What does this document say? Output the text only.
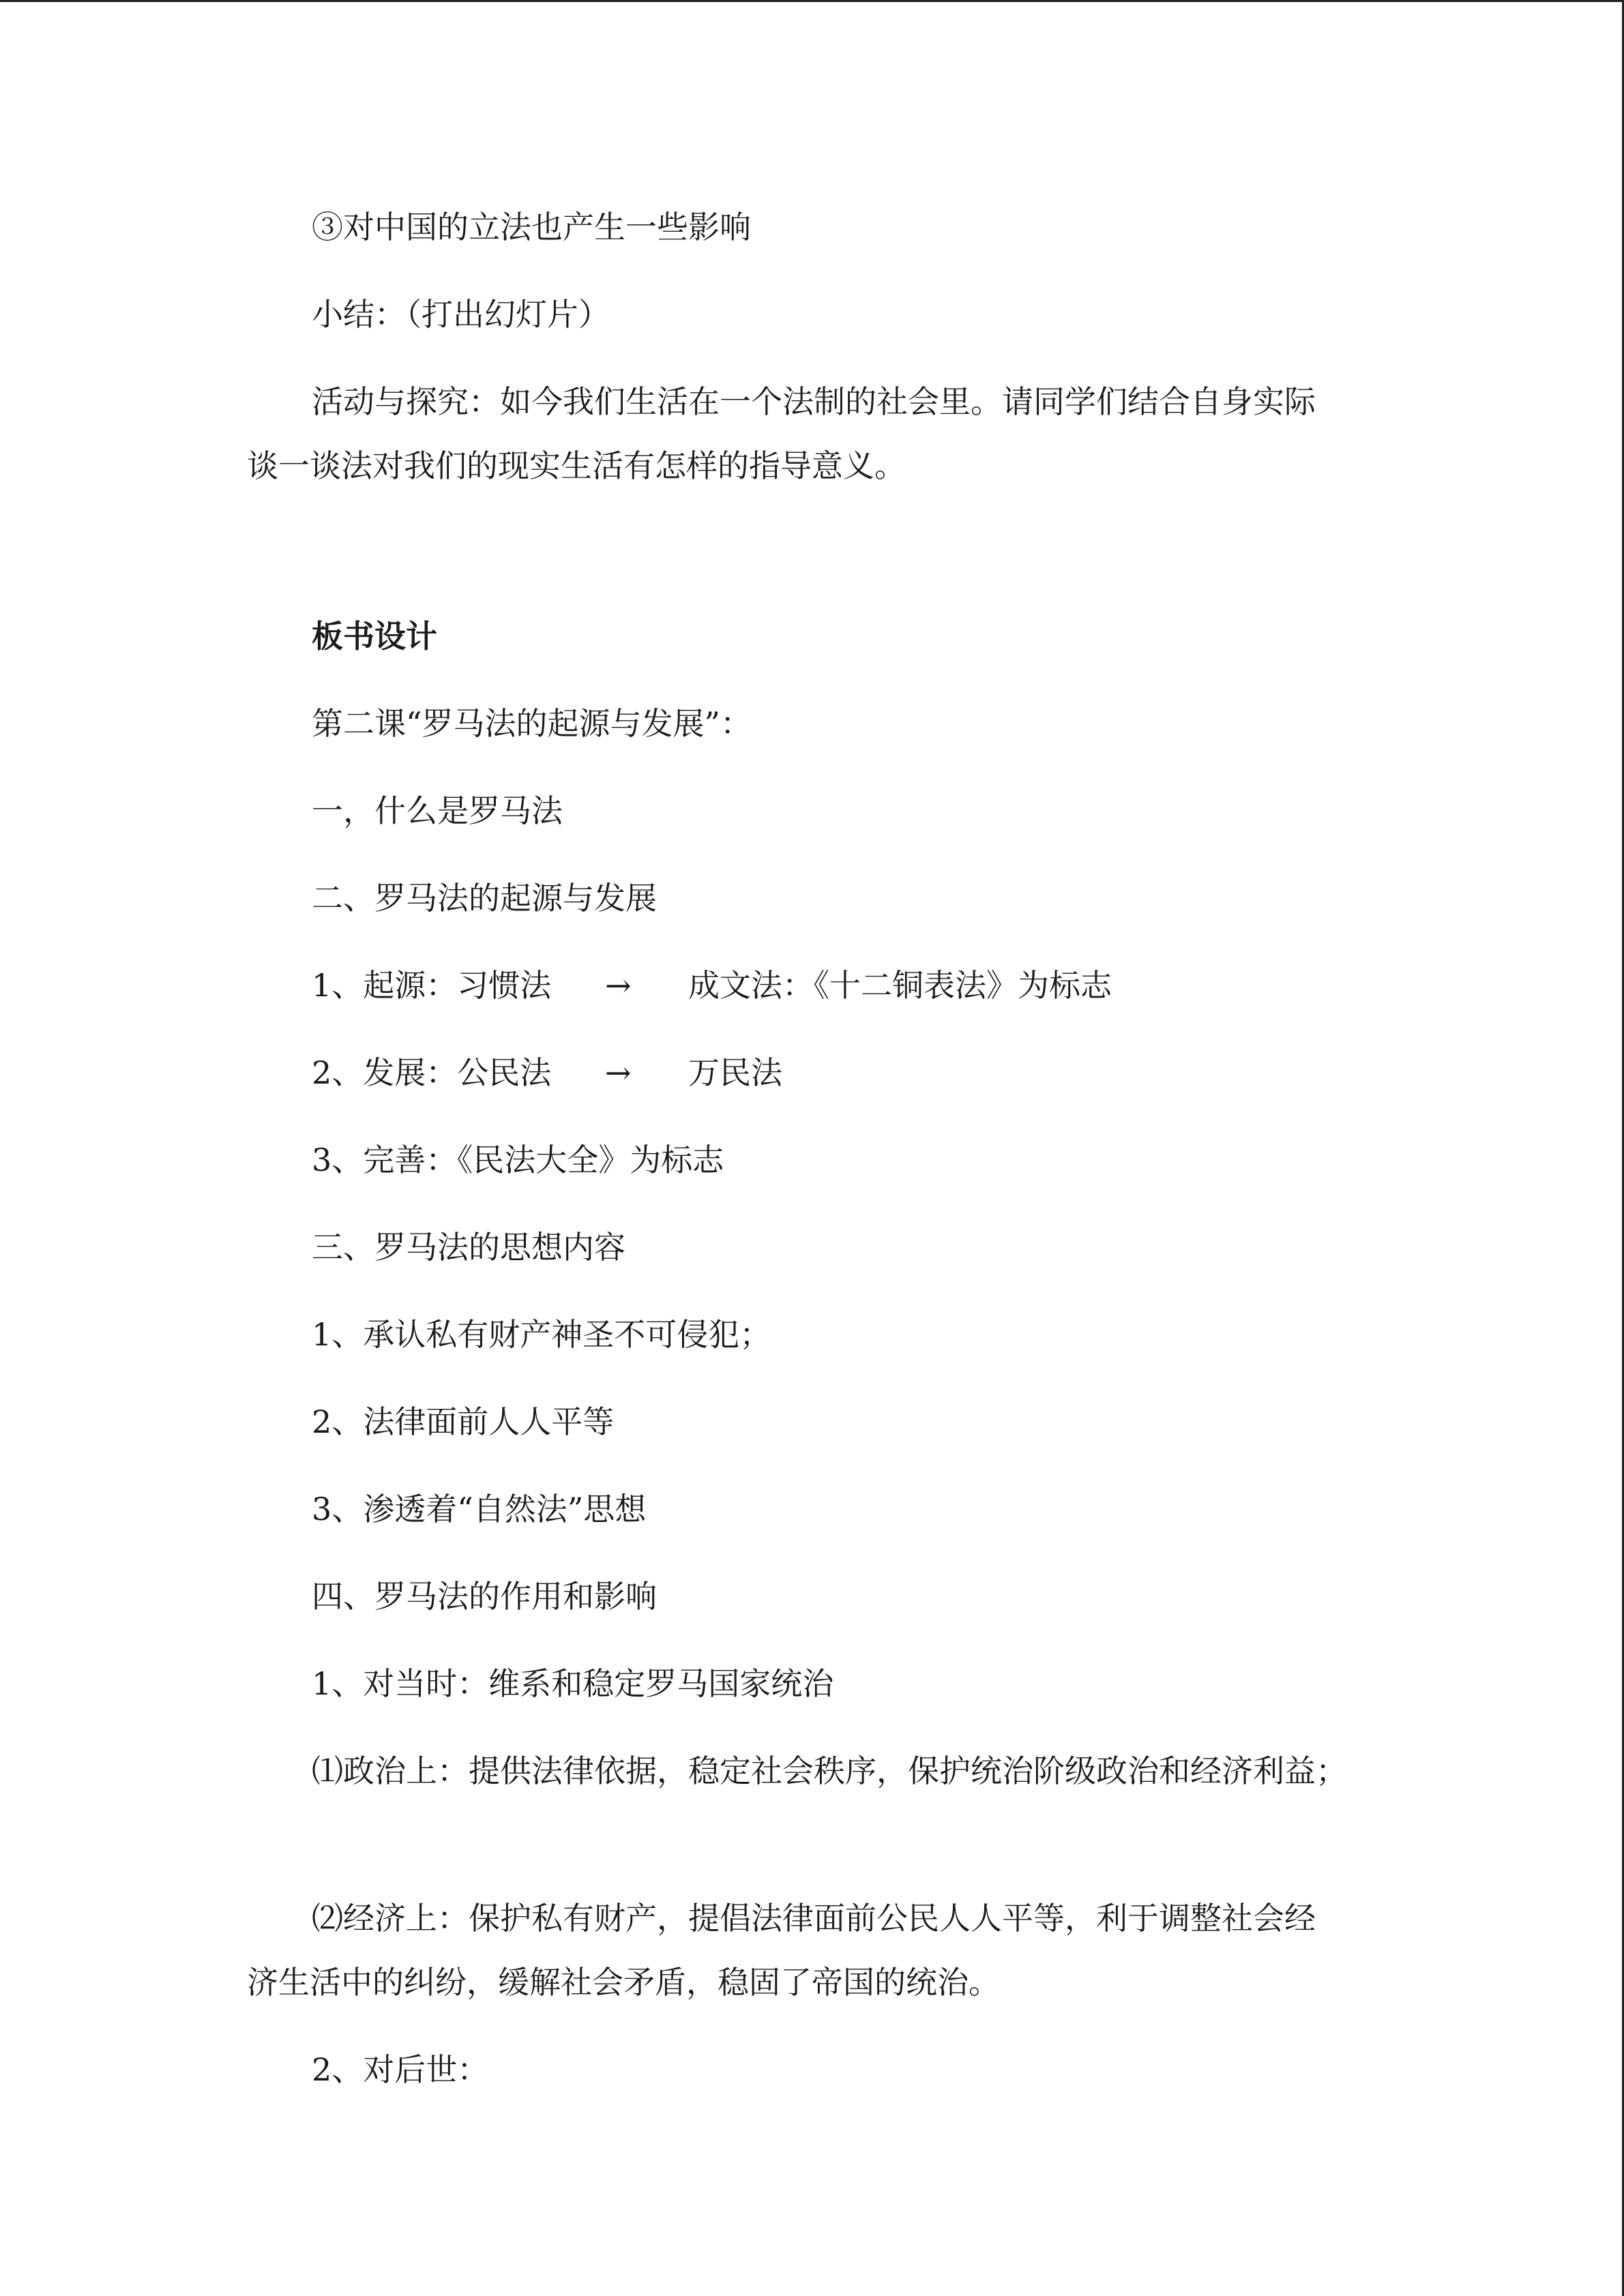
③对中国的立法也产生一些影响

小结：（打出幻灯片）

活动与探究：如今我们生活在一个法制的社会里。请同学们结合自身实际

谈一谈法对我们的现实生活有怎样的指导意义。

板书设计

第二课“罗马法的起源与发展”：

一，什么是罗马法

二、罗马法的起源与发展

1、起源：习惯法 → 成文法：《十二铜表法》为标志
2、发展：公民法 → 万民法

3、完善：《民法大全》为标志

三、罗马法的思想内容

1、承认私有财产神圣不可侵犯；

2、法律面前人人平等

3、渗透着“自然法”思想

四、罗马法的作用和影响

1、对当时：维系和稳定罗马国家统治

⑴政治上：提供法律依据，稳定社会秩序，保护统治阶级政治和经济利益；

⑵经济上：保护私有财产，提倡法律面前公民人人平等，利于调整社会经

济生活中的纠纷，缓解社会矛盾，稳固了帝国的统治。

2、对后世：
